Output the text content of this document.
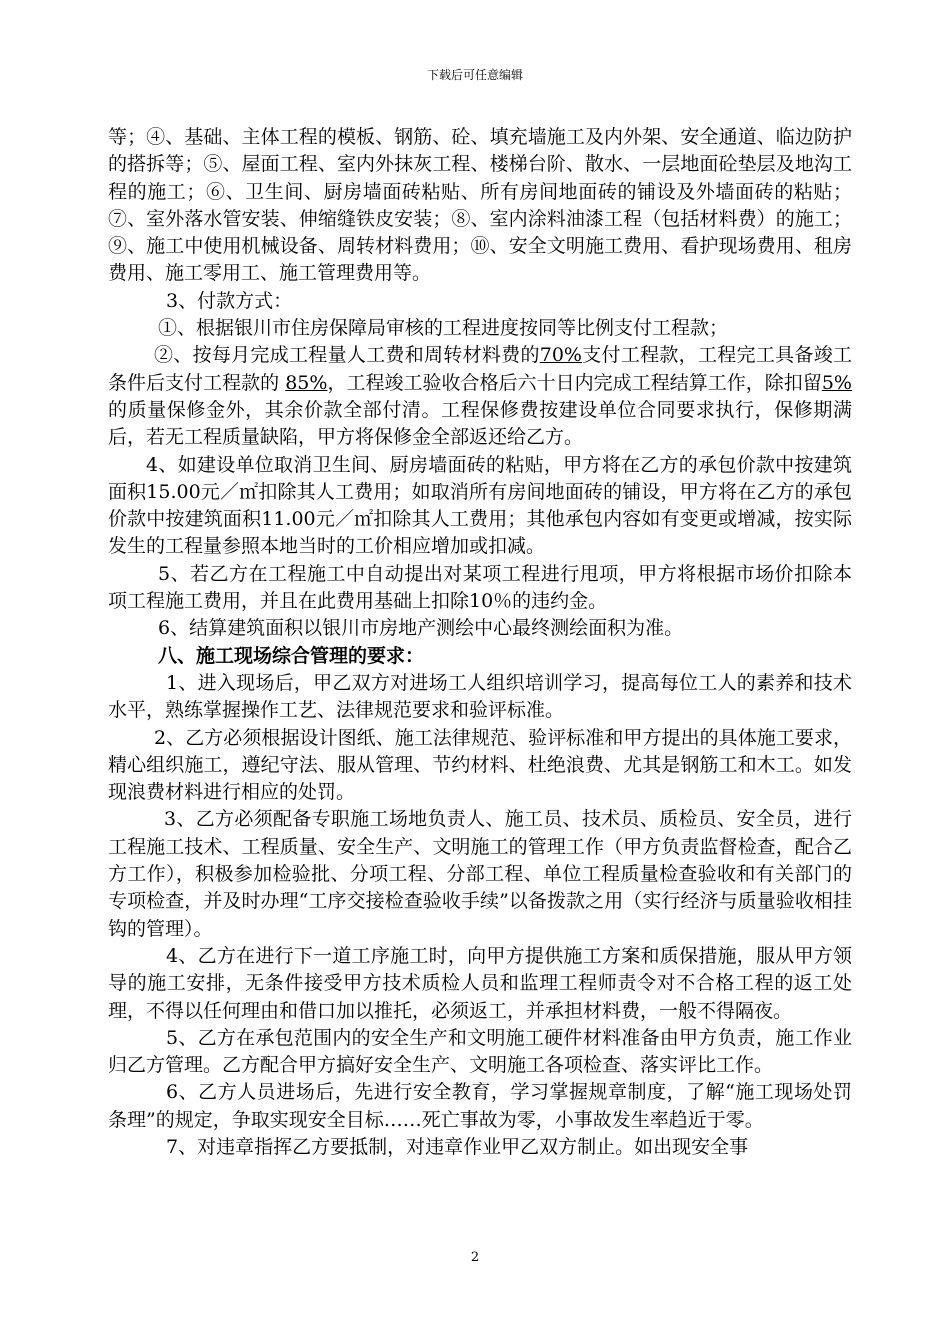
下载后可任意编辑

等；④、基础、主体工程的模板、钢筋、砼、填充墙施工及内外架、安全通道、临边防护的搭拆等；⑤、屋面工程、室内外抹灰工程、楼梯台阶、散水、一层地面砼垫层及地沟工程的施工；⑥、卫生间、厨房墙面砖粘贴、所有房间地面砖的铺设及外墙面砖的粘贴；⑦、室外落水管安装、伸缩缝铁皮安装；⑧、室内涂料油漆工程（包括材料费）的施工；⑨、施工中使用机械设备、周转材料费用；⑩、安全文明施工费用、看护现场费用、租房费用、施工零用工、施工管理费用等。

3、付款方式：

①、根据银川市住房保障局审核的工程进度按同等比例支付工程款；

②、按每月完成工程量人工费和周转材料费的70%支付工程款，工程完工具备竣工条件后支付工程款的 85%，工程竣工验收合格后六十日内完成工程结算工作，除扣留5%的质量保修金外，其余价款全部付清。工程保修费按建设单位合同要求执行，保修期满后，若无工程质量缺陷，甲方将保修金全部返还给乙方。

4、如建设单位取消卫生间、厨房墙面砖的粘贴，甲方将在乙方的承包价款中按建筑面积15.00元／㎡扣除其人工费用；如取消所有房间地面砖的铺设，甲方将在乙方的承包价款中按建筑面积11.00元／㎡扣除其人工费用；其他承包内容如有变更或增减，按实际发生的工程量参照本地当时的工价相应增加或扣减。

5、若乙方在工程施工中自动提出对某项工程进行甩项，甲方将根据市场价扣除本项工程施工费用，并且在此费用基础上扣除10％的违约金。

6、结算建筑面积以银川市房地产测绘中心最终测绘面积为准。

八、施工现场综合管理的要求：

1、进入现场后，甲乙双方对进场工人组织培训学习，提高每位工人的素养和技术水平，熟练掌握操作工艺、法律规范要求和验评标准。

2、乙方必须根据设计图纸、施工法律规范、验评标准和甲方提出的具体施工要求，精心组织施工，遵纪守法、服从管理、节约材料、杜绝浪费、尤其是钢筋工和木工。如发现浪费材料进行相应的处罚。

3、乙方必须配备专职施工场地负责人、施工员、技术员、质检员、安全员，进行工程施工技术、工程质量、安全生产、文明施工的管理工作（甲方负责监督检查，配合乙方工作），积极参加检验批、分项工程、分部工程、单位工程质量检查验收和有关部门的专项检查，并及时办理“工序交接检查验收手续”以备拨款之用（实行经济与质量验收相挂钩的管理）。

4、乙方在进行下一道工序施工时，向甲方提供施工方案和质保措施，服从甲方领导的施工安排，无条件接受甲方技术质检人员和监理工程师责令对不合格工程的返工处理，不得以任何理由和借口加以推托，必须返工，并承担材料费，一般不得隔夜。

5、乙方在承包范围内的安全生产和文明施工硬件材料准备由甲方负责，施工作业归乙方管理。乙方配合甲方搞好安全生产、文明施工各项检查、落实评比工作。

6、乙方人员进场后，先进行安全教育，学习掌握规章制度，了解“施工现场处罚条理”的规定，争取实现安全目标……死亡事故为零，小事故发生率趋近于零。

7、对违章指挥乙方要抵制，对违章作业甲乙双方制止。如出现安全事

2
